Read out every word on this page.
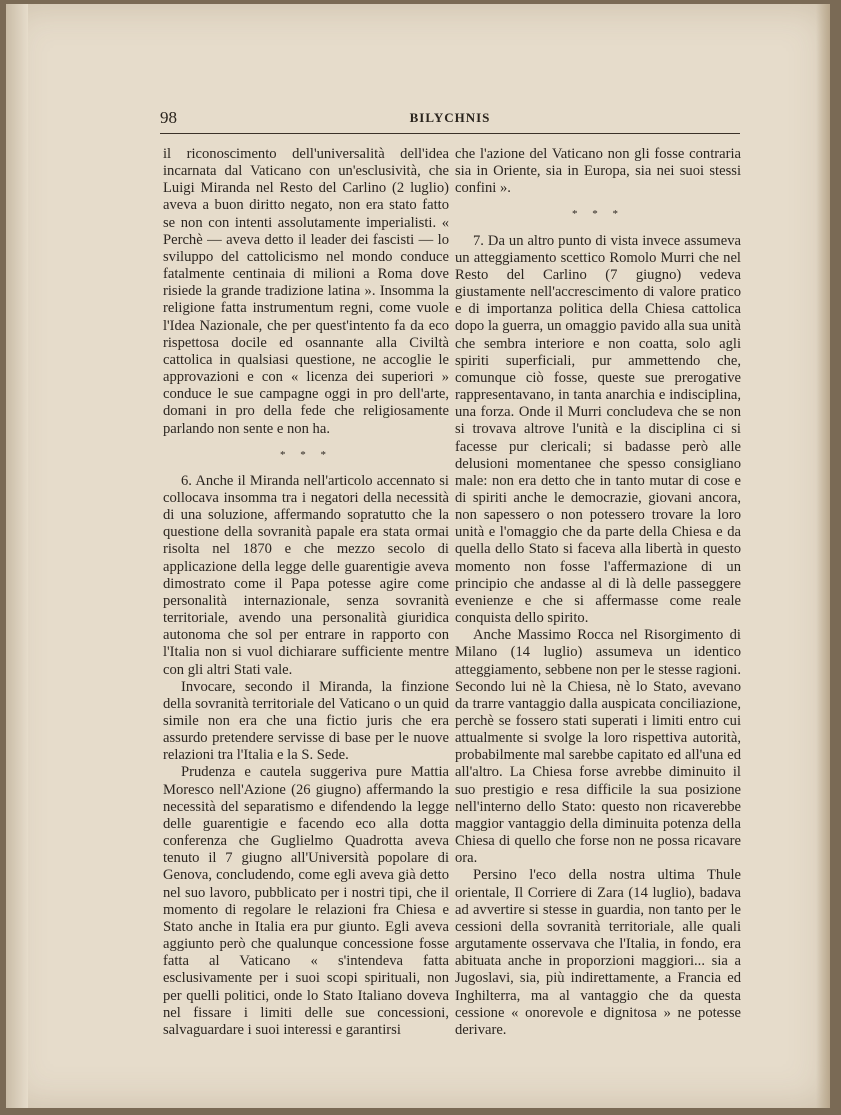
98	BILYCHNIS

il riconoscimento dell'universalità dell'idea incarnata dal Vaticano con un'esclusività, che Luigi Miranda nel Resto del Carlino (2 luglio) aveva a buon diritto negato, non era stato fatto se non con intenti assolutamente imperialisti. « Perchè — aveva detto il leader dei fascisti — lo sviluppo del cattolicismo nel mondo conduce fatalmente centinaia di milioni a Roma dove risiede la grande tradizione latina ». Insomma la religione fatta instrumentum regni, come vuole l'Idea Nazionale, che per quest'intento fa da eco rispettosa docile ed osannante alla Civiltà cattolica in qualsiasi questione, ne accoglie le approvazioni e con « licenza dei superiori » conduce le sue campagne oggi in pro dell'arte, domani in pro della fede che religiosamente parlando non sente e non ha.

* * *

6. Anche il Miranda nell'articolo accennato si collocava insomma tra i negatori della necessità di una soluzione, affermando sopratutto che la questione della sovranità papale era stata ormai risolta nel 1870 e che mezzo secolo di applicazione della legge delle guarentigie aveva dimostrato come il Papa potesse agire come personalità internazionale, senza sovranità territoriale, avendo una personalità giuridica autonoma che sol per entrare in rapporto con l'Italia non si vuol dichiarare sufficiente mentre con gli altri Stati vale.

Invocare, secondo il Miranda, la finzione della sovranità territoriale del Vaticano o un quid simile non era che una fictio juris che era assurdo pretendere servisse di base per le nuove relazioni tra l'Italia e la S. Sede.

Prudenza e cautela suggeriva pure Mattia Moresco nell'Azione (26 giugno) affermando la necessità del separatismo e difendendo la legge delle guarentigie e facendo eco alla dotta conferenza che Guglielmo Quadrotta aveva tenuto il 7 giugno all'Università popolare di Genova, concludendo, come egli aveva già detto nel suo lavoro, pubblicato per i nostri tipi, che il momento di regolare le relazioni fra Chiesa e Stato anche in Italia era pur giunto. Egli aveva aggiunto però che qualunque concessione fosse fatta al Vaticano « s'intendeva fatta esclusivamente per i suoi scopi spirituali, non per quelli politici, onde lo Stato Italiano doveva nel fissare i limiti delle sue concessioni, salvaguardare i suoi interessi e garantirsi

che l'azione del Vaticano non gli fosse contraria sia in Oriente, sia in Europa, sia nei suoi stessi confini ».

* * *

7. Da un altro punto di vista invece assumeva un atteggiamento scettico Romolo Murri che nel Resto del Carlino (7 giugno) vedeva giustamente nell'accrescimento di valore pratico e di importanza politica della Chiesa cattolica dopo la guerra, un omaggio pavido alla sua unità che sembra interiore e non coatta, solo agli spiriti superficiali, pur ammettendo che, comunque ciò fosse, queste sue prerogative rappresentavano, in tanta anarchia e indisciplina, una forza. Onde il Murri concludeva che se non si trovava altrove l'unità e la disciplina ci si facesse pur clericali; si badasse però alle delusioni momentanee che spesso consigliano male: non era detto che in tanto mutar di cose e di spiriti anche le democrazie, giovani ancora, non sapessero o non potessero trovare la loro unità e l'omaggio che da parte della Chiesa e da quella dello Stato si faceva alla libertà in questo momento non fosse l'affermazione di un principio che andasse al di là delle passeggere evenienze e che si affermasse come reale conquista dello spirito.

Anche Massimo Rocca nel Risorgimento di Milano (14 luglio) assumeva un identico atteggiamento, sebbene non per le stesse ragioni. Secondo lui nè la Chiesa, nè lo Stato, avevano da trarre vantaggio dalla auspicata conciliazione, perchè se fossero stati superati i limiti entro cui attualmente si svolge la loro rispettiva autorità, probabilmente mal sarebbe capitato ed all'una ed all'altro. La Chiesa forse avrebbe diminuito il suo prestigio e resa difficile la sua posizione nell'interno dello Stato: questo non ricaverebbe maggior vantaggio della diminuita potenza della Chiesa di quello che forse non ne possa ricavare ora.

Persino l'eco della nostra ultima Thule orientale, Il Corriere di Zara (14 luglio), badava ad avvertire si stesse in guardia, non tanto per le cessioni della sovranità territoriale, alle quali argutamente osservava che l'Italia, in fondo, era abituata anche in proporzioni maggiori... sia a Jugoslavi, sia, più indirettamente, a Francia ed Inghilterra, ma al vantaggio che da questa cessione « onorevole e dignitosa » ne potesse derivare.
